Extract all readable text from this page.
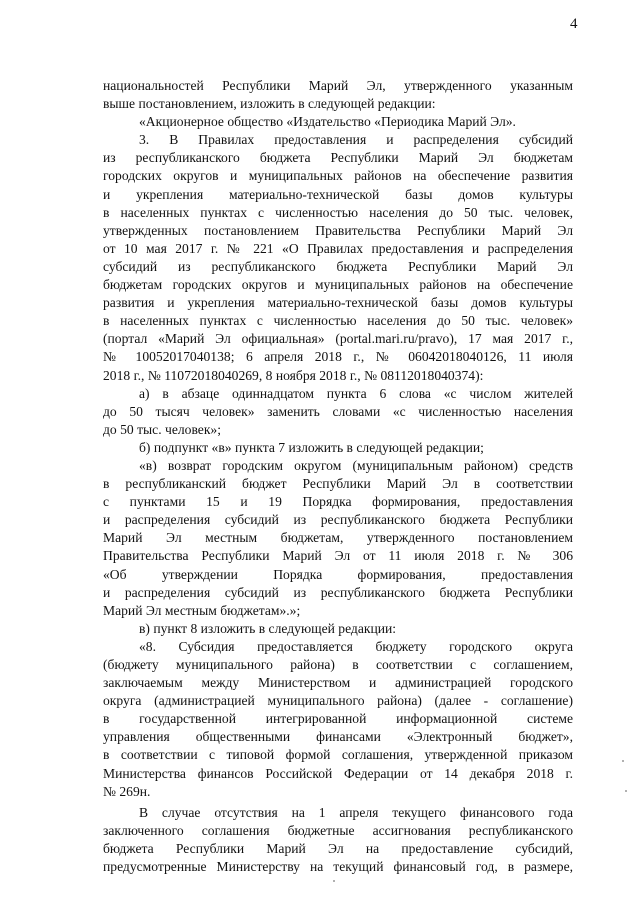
4
национальностей Республики Марий Эл, утвержденного указанным
выше постановлением, изложить в следующей редакции:
«Акционерное общество «Издательство «Периодика Марий Эл».
3. В Правилах предоставления и распределения субсидий
из республиканского бюджета Республики Марий Эл бюджетам
городских округов и муниципальных районов на обеспечение развития
и укрепления материально-технической базы домов культуры
в населенных пунктах с численностью населения до 50 тыс. человек,
утвержденных постановлением Правительства Республики Марий Эл
от 10 мая 2017 г. № 221 «О Правилах предоставления и распределения
субсидий из республиканского бюджета Республики Марий Эл
бюджетам городских округов и муниципальных районов на обеспечение
развития и укрепления материально-технической базы домов культуры
в населенных пунктах с численностью населения до 50 тыс. человек»
(портал «Марий Эл официальная» (portal.mari.ru/pravo), 17 мая 2017 г.,
№ 10052017040138; 6 апреля 2018 г., № 06042018040126, 11 июля
2018 г., № 11072018040269, 8 ноября 2018 г., № 08112018040374):
а) в абзаце одиннадцатом пункта 6 слова «с числом жителей
до 50 тысяч человек» заменить словами «с численностью населения
до 50 тыс. человек»;
б) подпункт «в» пункта 7 изложить в следующей редакции;
«в) возврат городским округом (муниципальным районом) средств
в республиканский бюджет Республики Марий Эл в соответствии
с пунктами 15 и 19 Порядка формирования, предоставления
и распределения субсидий из республиканского бюджета Республики
Марий Эл местным бюджетам, утвержденного постановлением
Правительства Республики Марий Эл от 11 июля 2018 г. № 306
«Об утверждении Порядка формирования, предоставления
и распределения субсидий из республиканского бюджета Республики
Марий Эл местным бюджетам».»;
в) пункт 8 изложить в следующей редакции:
«8. Субсидия предоставляется бюджету городского округа
(бюджету муниципального района) в соответствии с соглашением,
заключаемым между Министерством и администрацией городского
округа (администрацией муниципального района) (далее - соглашение)
в государственной интегрированной информационной системе
управления общественными финансами «Электронный бюджет»,
в соответствии с типовой формой соглашения, утвержденной приказом
Министерства финансов Российской Федерации от 14 декабря 2018 г.
№ 269н.
В случае отсутствия на 1 апреля текущего финансового года
заключенного соглашения бюджетные ассигнования республиканского
бюджета Республики Марий Эл на предоставление субсидий,
предусмотренные Министерству на текущий финансовый год, в размере,
